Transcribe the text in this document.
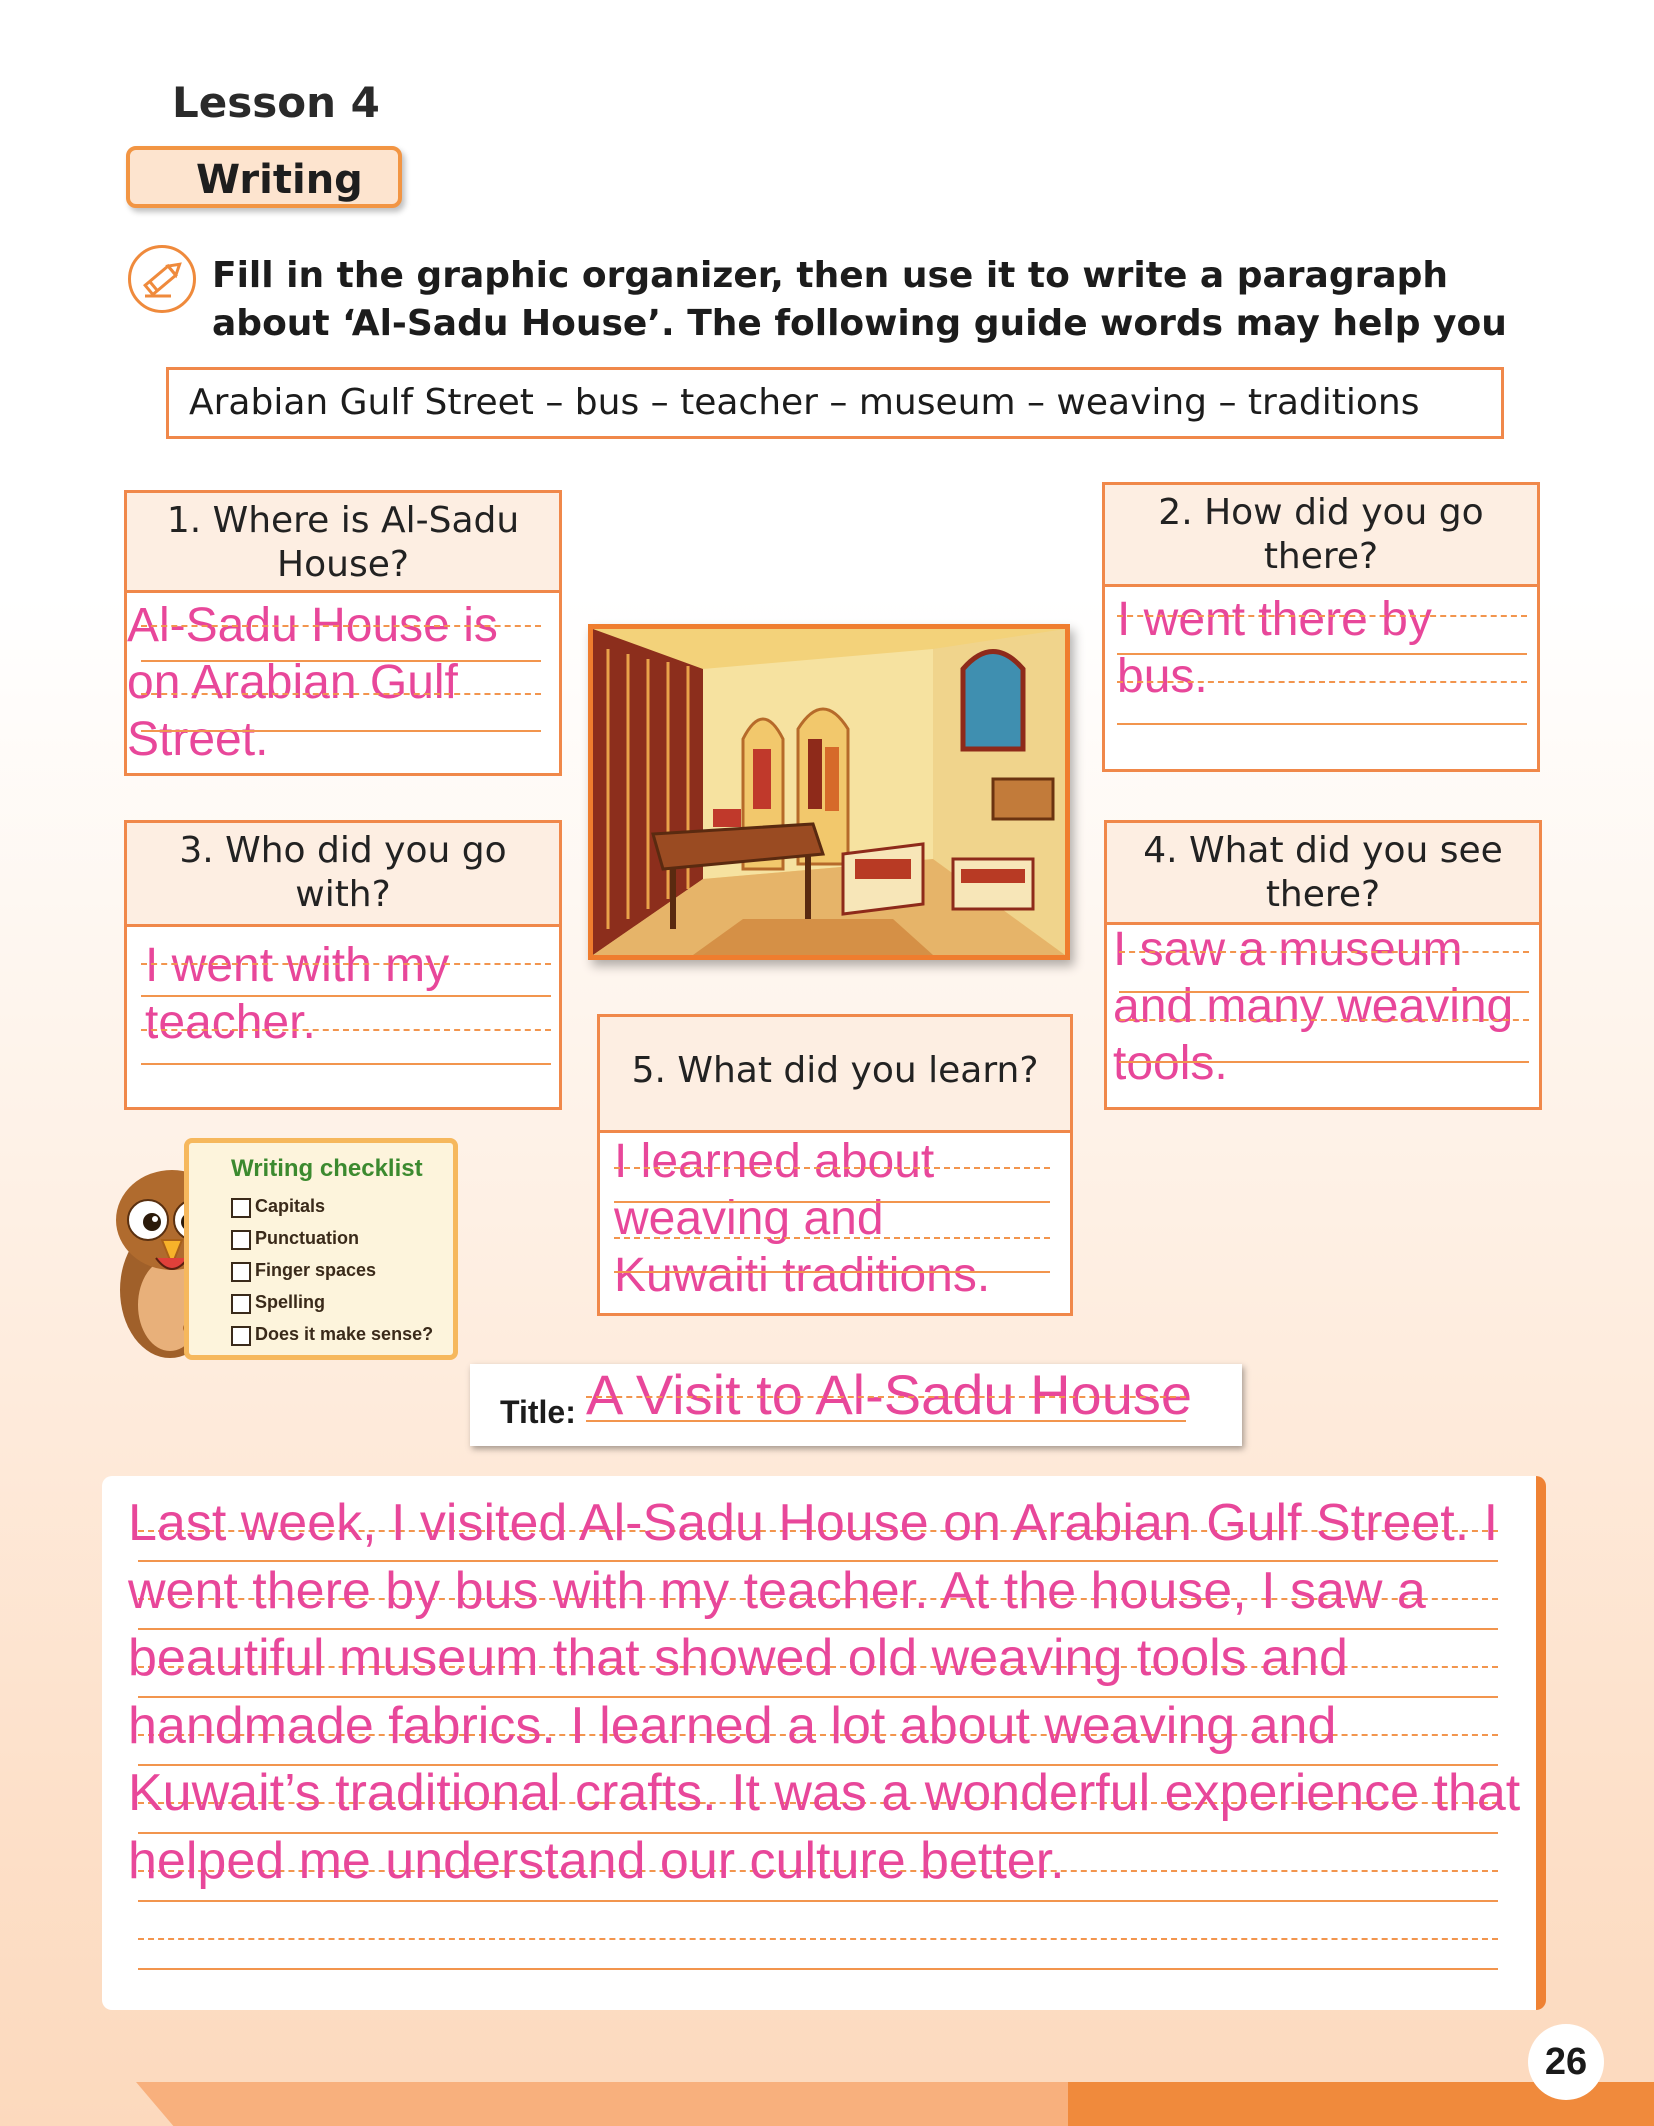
Lesson 4
Writing
Fill in the graphic organizer, then use it to write a paragraph about ‘Al-Sadu House’. The following guide words may help you
Arabian Gulf Street – bus – teacher – museum – weaving – traditions
1. Where is Al-Sadu House?
Al-Sadu House is on Arabian Gulf Street.
2. How did you go there?
I went there by bus.
3. Who did you go with?
I went with my teacher.
4. What did you see there?
I saw a museum and many weaving tools.
5. What did you learn?
I learned about weaving and Kuwaiti traditions.
Writing checklist
Capitals
Punctuation
Finger spaces
Spelling
Does it make sense?
Title: A Visit to Al-Sadu House
Last week, I visited Al-Sadu House on Arabian Gulf Street. I went there by bus with my teacher. At the house, I saw a beautiful museum that showed old weaving tools and handmade fabrics. I learned a lot about weaving and Kuwait’s traditional crafts. It was a wonderful experience that helped me understand our culture better.
26
